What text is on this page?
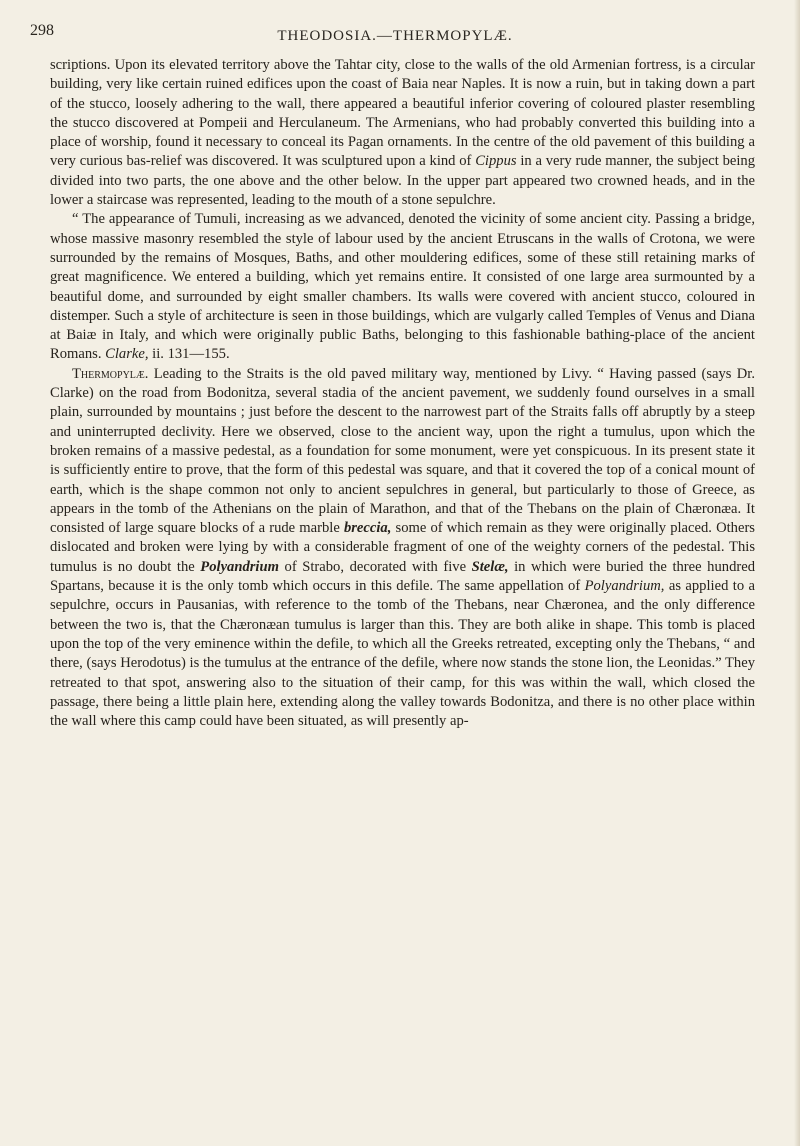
298	THEODOSIA.—THERMOPYLÆ.

scriptions. Upon its elevated territory above the Tahtar city, close to the walls of the old Armenian fortress, is a circular building, very like certain ruined edifices upon the coast of Baia near Naples. It is now a ruin, but in taking down a part of the stucco, loosely adhering to the wall, there appeared a beautiful inferior covering of coloured plaster resembling the stucco discovered at Pompeii and Herculaneum. The Armenians, who had probably converted this building into a place of worship, found it necessary to conceal its Pagan ornaments. In the centre of the old pavement of this building a very curious bas-relief was discovered. It was sculptured upon a kind of Cippus in a very rude manner, the subject being divided into two parts, the one above and the other below. In the upper part appeared two crowned heads, and in the lower a staircase was represented, leading to the mouth of a stone sepulchre.

“ The appearance of Tumuli, increasing as we advanced, denoted the vicinity of some ancient city. Passing a bridge, whose massive masonry resembled the style of labour used by the ancient Etruscans in the walls of Crotona, we were surrounded by the remains of Mosques, Baths, and other mouldering edifices, some of these still retaining marks of great magnificence. We entered a building, which yet remains entire. It consisted of one large area surmounted by a beautiful dome, and surrounded by eight smaller chambers. Its walls were covered with ancient stucco, coloured in distemper. Such a style of architecture is seen in those buildings, which are vulgarly called Temples of Venus and Diana at Baiæ in Italy, and which were originally public Baths, belonging to this fashionable bathing-place of the ancient Romans. Clarke, ii. 131—155.

Thermopylæ. Leading to the Straits is the old paved military way, mentioned by Livy. “ Having passed (says Dr. Clarke) on the road from Bodonitza, several stadia of the ancient pavement, we suddenly found ourselves in a small plain, surrounded by mountains ; just before the descent to the narrowest part of the Straits falls off abruptly by a steep and uninterrupted declivity. Here we observed, close to the ancient way, upon the right a tumulus, upon which the broken remains of a massive pedestal, as a foundation for some monument, were yet conspicuous. In its present state it is sufficiently entire to prove, that the form of this pedestal was square, and that it covered the top of a conical mount of earth, which is the shape common not only to ancient sepulchres in general, but particularly to those of Greece, as appears in the tomb of the Athenians on the plain of Marathon, and that of the Thebans on the plain of Chæronæa. It consisted of large square blocks of a rude marble breccia, some of which remain as they were originally placed. Others dislocated and broken were lying by with a considerable fragment of one of the weighty corners of the pedestal. This tumulus is no doubt the Polyandrium of Strabo, decorated with five Stelæ, in which were buried the three hundred Spartans, because it is the only tomb which occurs in this defile. The same appellation of Polyandrium, as applied to a sepulchre, occurs in Pausanias, with reference to the tomb of the Thebans, near Chæronea, and the only difference between the two is, that the Chæronæan tumulus is larger than this. They are both alike in shape. This tomb is placed upon the top of the very eminence within the defile, to which all the Greeks retreated, excepting only the Thebans, “ and there, (says Herodotus) is the tumulus at the entrance of the defile, where now stands the stone lion, the Leonidas.” They retreated to that spot, answering also to the situation of their camp, for this was within the wall, which closed the passage, there being a little plain here, extending along the valley towards Bodonitza, and there is no other place within the wall where this camp could have been situated, as will presently ap-
